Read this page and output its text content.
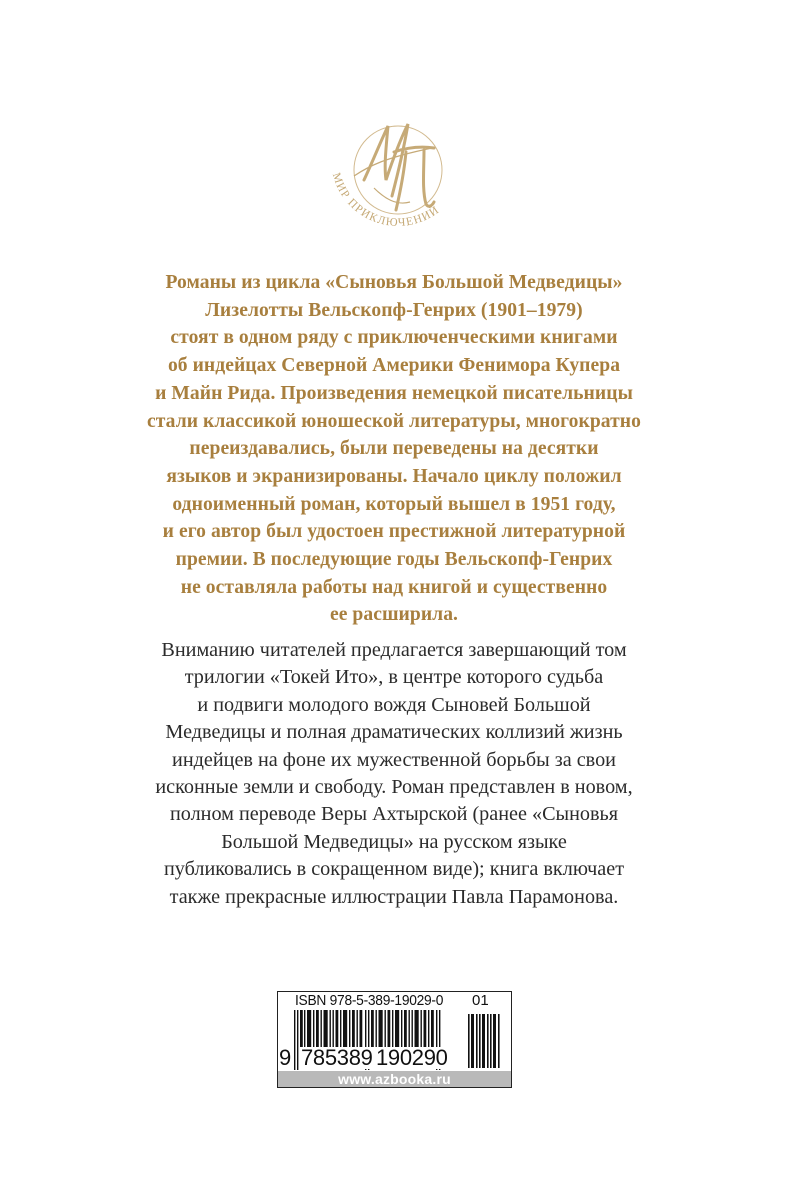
МИР ПРИКЛЮЧЕНИЙ
Романы из цикла «Сыновья Большой Медведицы»
Лизелотты Вельскопф-Генрих (1901–1979)
стоят в одном ряду с приключенческими книгами
об индейцах Северной Америки Фенимора Купера
и Майн Рида. Произведения немецкой писательницы
стали классикой юношеской литературы, многократно
переиздавались, были переведены на десятки
языков и экранизированы. Начало циклу положил
одноименный роман, который вышел в 1951 году,
и его автор был удостоен престижной литературной
премии. В последующие годы Вельскопф-Генрих
не оставляла работы над книгой и существенно
ее расширила.
Вниманию читателей предлагается завершающий том
трилогии «Токей Ито», в центре которого судьба
и подвиги молодого вождя Сыновей Большой
Медведицы и полная драматических коллизий жизнь
индейцев на фоне их мужественной борьбы за свои
исконные земли и свободу. Роман представлен в новом,
полном переводе Веры Ахтырской (ранее «Сыновья
Большой Медведицы» на русском языке
публиковались в сокращенном виде); книга включает
также прекрасные иллюстрации Павла Парамонова.
ISBN 978-5-389-19029-0 01
9 785389 190290
www.azbooka.ru
